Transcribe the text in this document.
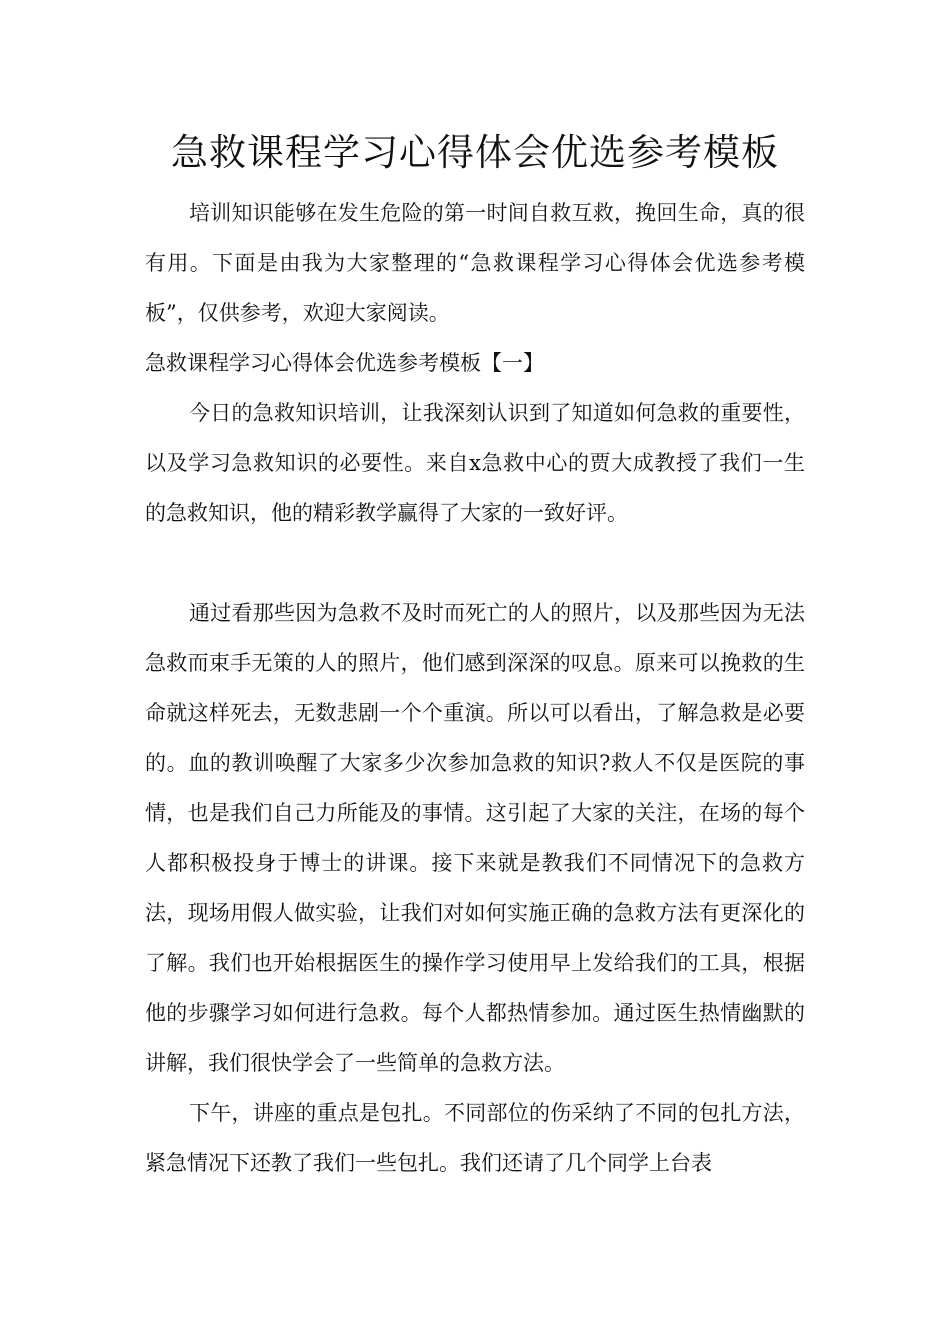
急救课程学习心得体会优选参考模板

培训知识能够在发生危险的第一时间自救互救，挽回生命，真的很有用。下面是由我为大家整理的“急救课程学习心得体会优选参考模板”，仅供参考，欢迎大家阅读。

急救课程学习心得体会优选参考模板【一】

今日的急救知识培训，让我深刻认识到了知道如何急救的重要性，以及学习急救知识的必要性。来自x急救中心的贾大成教授了我们一生的急救知识，他的精彩教学赢得了大家的一致好评。

通过看那些因为急救不及时而死亡的人的照片，以及那些因为无法急救而束手无策的人的照片，他们感到深深的叹息。原来可以挽救的生命就这样死去，无数悲剧一个个重演。所以可以看出，了解急救是必要的。血的教训唤醒了大家多少次参加急救的知识?救人不仅是医院的事情，也是我们自己力所能及的事情。这引起了大家的关注，在场的每个人都积极投身于博士的讲课。接下来就是教我们不同情况下的急救方法，现场用假人做实验，让我们对如何实施正确的急救方法有更深化的了解。我们也开始根据医生的操作学习使用早上发给我们的工具，根据他的步骤学习如何进行急救。每个人都热情参加。通过医生热情幽默的讲解，我们很快学会了一些简单的急救方法。

下午，讲座的重点是包扎。不同部位的伤采纳了不同的包扎方法，紧急情况下还教了我们一些包扎。我们还请了几个同学上台表
